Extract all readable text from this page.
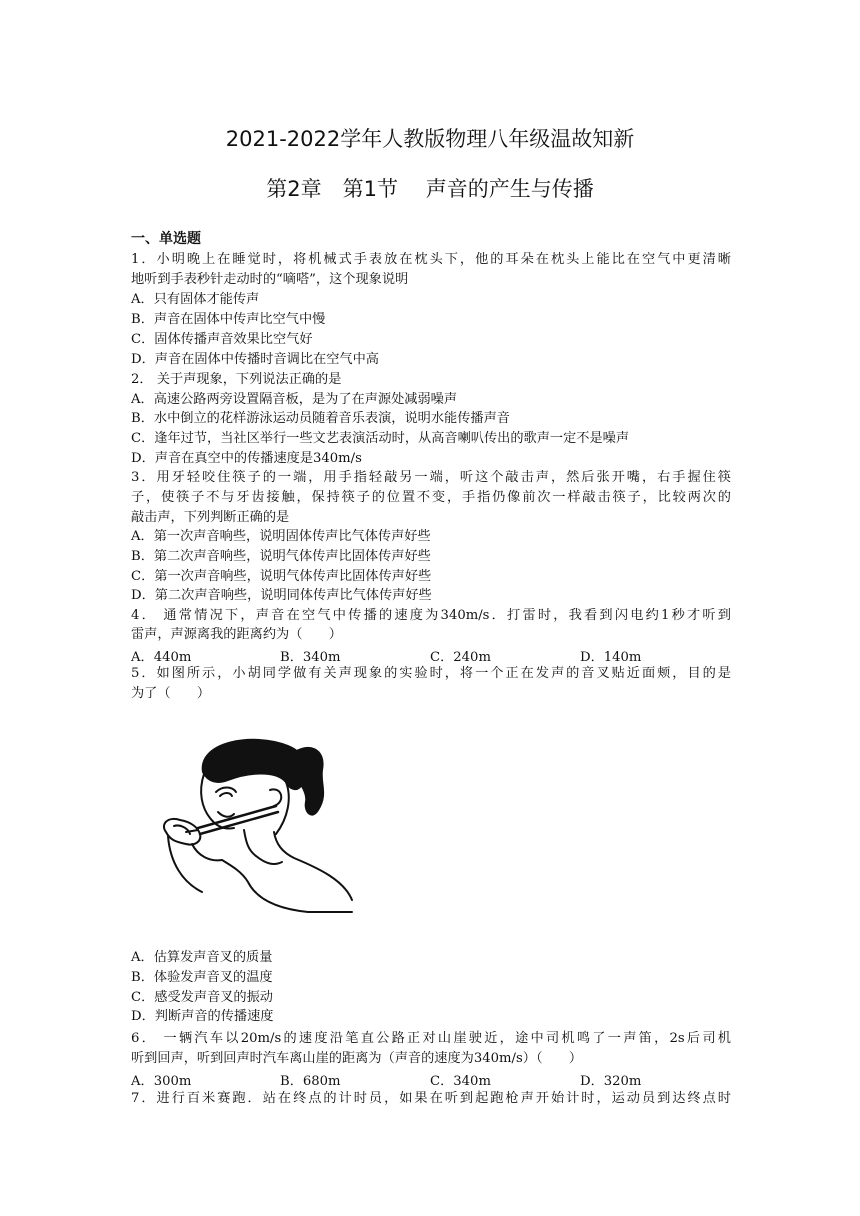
2021-2022学年人教版物理八年级温故知新
第2章　第1节　 声音的产生与传播
一、单选题
1．小明晚上在睡觉时，将机械式手表放在枕头下，他的耳朵在枕头上能比在空气中更清晰
地听到手表秒针走动时的“嘀嗒”，这个现象说明
A．只有固体才能传声
B．声音在固体中传声比空气中慢
C．固体传播声音效果比空气好
D．声音在固体中传播时音调比在空气中高
2． 关于声现象，下列说法正确的是
A．高速公路两旁设置隔音板，是为了在声源处减弱噪声
B．水中倒立的花样游泳运动员随着音乐表演，说明水能传播声音
C．逢年过节，当社区举行一些文艺表演活动时，从高音喇叭传出的歌声一定不是噪声
D．声音在真空中的传播速度是340m/s
3．用牙轻咬住筷子的一端，用手指轻敲另一端，听这个敲击声，然后张开嘴，右手握住筷
子，使筷子不与牙齿接触，保持筷子的位置不变，手指仍像前次一样敲击筷子，比较两次的
敲击声，下列判断正确的是
A．第一次声音响些，说明固体传声比气体传声好些
B．第二次声音响些，说明气体传声比固体传声好些
C．第一次声音响些，说明气体传声比固体传声好些
D．第二次声音响些，说明同体传声比气体传声好些
4． 通常情况下，声音在空气中传播的速度为340m/s．打雷时，我看到闪电约1秒才听到
雷声，声源离我的距离约为（　　）
A．440m	B．340m	C．240m	D．140m
5．如图所示，小胡同学做有关声现象的实验时，将一个正在发声的音叉贴近面颊，目的是
为了（　　）
A．估算发声音叉的质量
B．体验发声音叉的温度
C．感受发声音叉的振动
D．判断声音的传播速度
6． 一辆汽车以20m/s的速度沿笔直公路正对山崖驶近，途中司机鸣了一声笛，2s后司机
听到回声，听到回声时汽车离山崖的距离为（声音的速度为340m/s）（　　）
A．300m	B．680m	C．340m	D．320m
7．进行百米赛跑．站在终点的计时员，如果在听到起跑枪声开始计时，运动员到达终点时
